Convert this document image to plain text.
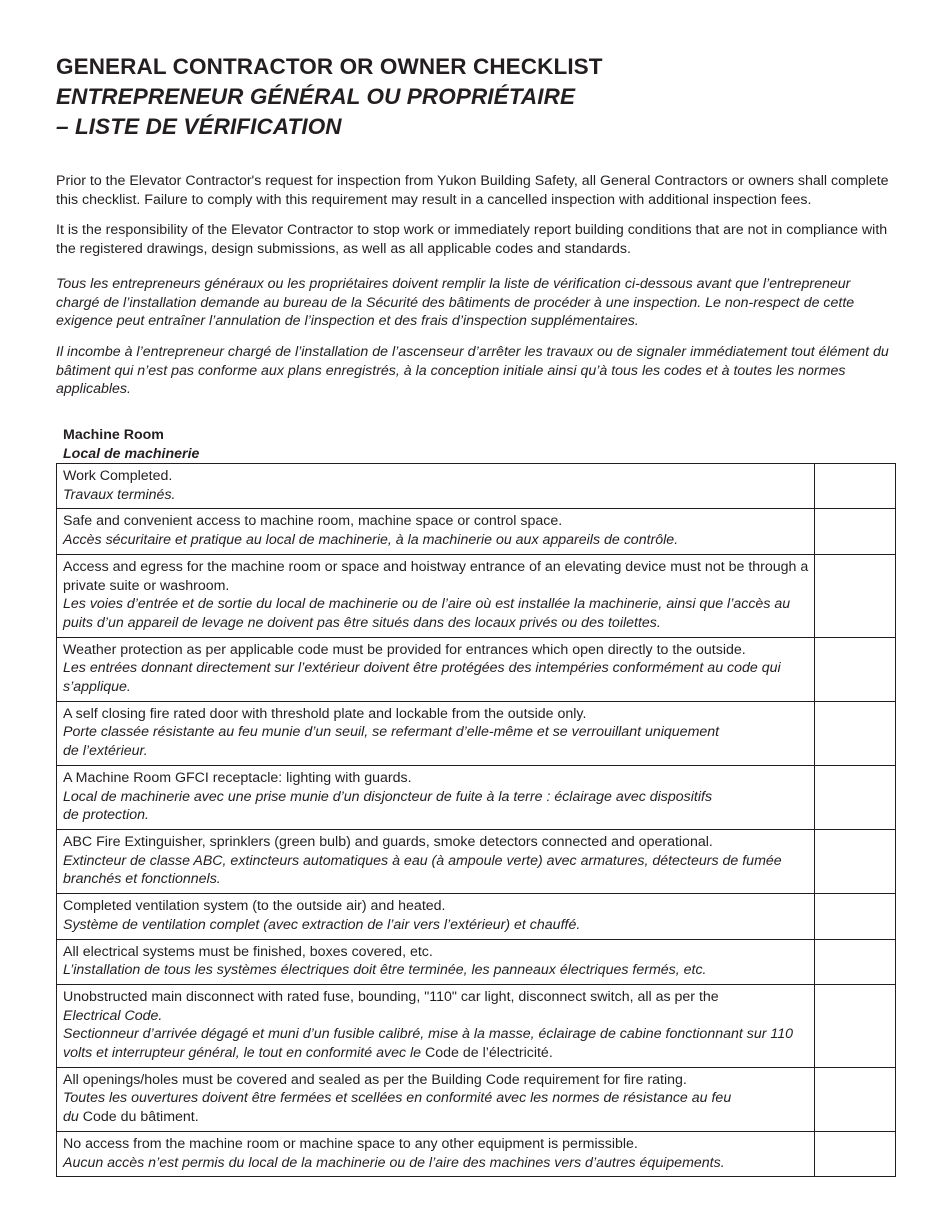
GENERAL CONTRACTOR OR OWNER CHECKLIST
ENTREPRENEUR GÉNÉRAL OU PROPRIÉTAIRE
– LISTE DE VÉRIFICATION

Prior to the Elevator Contractor's request for inspection from Yukon Building Safety, all General Contractors or owners shall complete this checklist. Failure to comply with this requirement may result in a cancelled inspection with additional inspection fees.

It is the responsibility of the Elevator Contractor to stop work or immediately report building conditions that are not in compliance with the registered drawings, design submissions, as well as all applicable codes and standards.

Tous les entrepreneurs généraux ou les propriétaires doivent remplir la liste de vérification ci-dessous avant que l’entrepreneur chargé de l’installation demande au bureau de la Sécurité des bâtiments de procéder à une inspection. Le non-respect de cette exigence peut entraîner l’annulation de l’inspection et des frais d’inspection supplémentaires.

Il incombe à l’entrepreneur chargé de l’installation de l’ascenseur d’arrêter les travaux ou de signaler immédiatement tout élément du bâtiment qui n’est pas conforme aux plans enregistrés, à la conception initiale ainsi qu’à tous les codes et à toutes les normes applicables.

Machine Room
Local de machinerie
Work Completed.
Travaux terminés.	

Safe and convenient access to machine room, machine space or control space.
Accès sécuritaire et pratique au local de machinerie, à la machinerie ou aux appareils de contrôle.	

Access and egress for the machine room or space and hoistway entrance of an elevating device must not be through a private suite or washroom.
Les voies d’entrée et de sortie du local de machinerie ou de l’aire où est installée la machinerie, ainsi que l’accès au puits d’un appareil de levage ne doivent pas être situés dans des locaux privés ou des toilettes.	

Weather protection as per applicable code must be provided for entrances which open directly to the outside.
Les entrées donnant directement sur l’extérieur doivent être protégées des intempéries conformément au code qui s’applique.	

A self closing fire rated door with threshold plate and lockable from the outside only.
Porte classée résistante au feu munie d’un seuil, se refermant d’elle-même et se verrouillant uniquement
de l’extérieur.	

A Machine Room GFCI receptacle: lighting with guards.
Local de machinerie avec une prise munie d’un disjoncteur de fuite à la terre : éclairage avec dispositifs
de protection.	

ABC Fire Extinguisher, sprinklers (green bulb) and guards, smoke detectors connected and operational.
Extincteur de classe ABC, extincteurs automatiques à eau (à ampoule verte) avec armatures, détecteurs de fumée branchés et fonctionnels.	

Completed ventilation system (to the outside air) and heated.
Système de ventilation complet (avec extraction de l’air vers l’extérieur) et chauffé.	

All electrical systems must be finished, boxes covered, etc.
L’installation de tous les systèmes électriques doit être terminée, les panneaux électriques fermés, etc.	

Unobstructed main disconnect with rated fuse, bounding, "110" car light, disconnect switch, all as per the
Electrical Code.
Sectionneur d’arrivée dégagé et muni d’un fusible calibré, mise à la masse, éclairage de cabine fonctionnant sur 110 volts et interrupteur général, le tout en conformité avec le Code de l’électricité.	

All openings/holes must be covered and sealed as per the Building Code requirement for fire rating.
Toutes les ouvertures doivent être fermées et scellées en conformité avec les normes de résistance au feu
du Code du bâtiment.	

No access from the machine room or machine space to any other equipment is permissible.
Aucun accès n’est permis du local de la machinerie ou de l’aire des machines vers d’autres équipements.	
